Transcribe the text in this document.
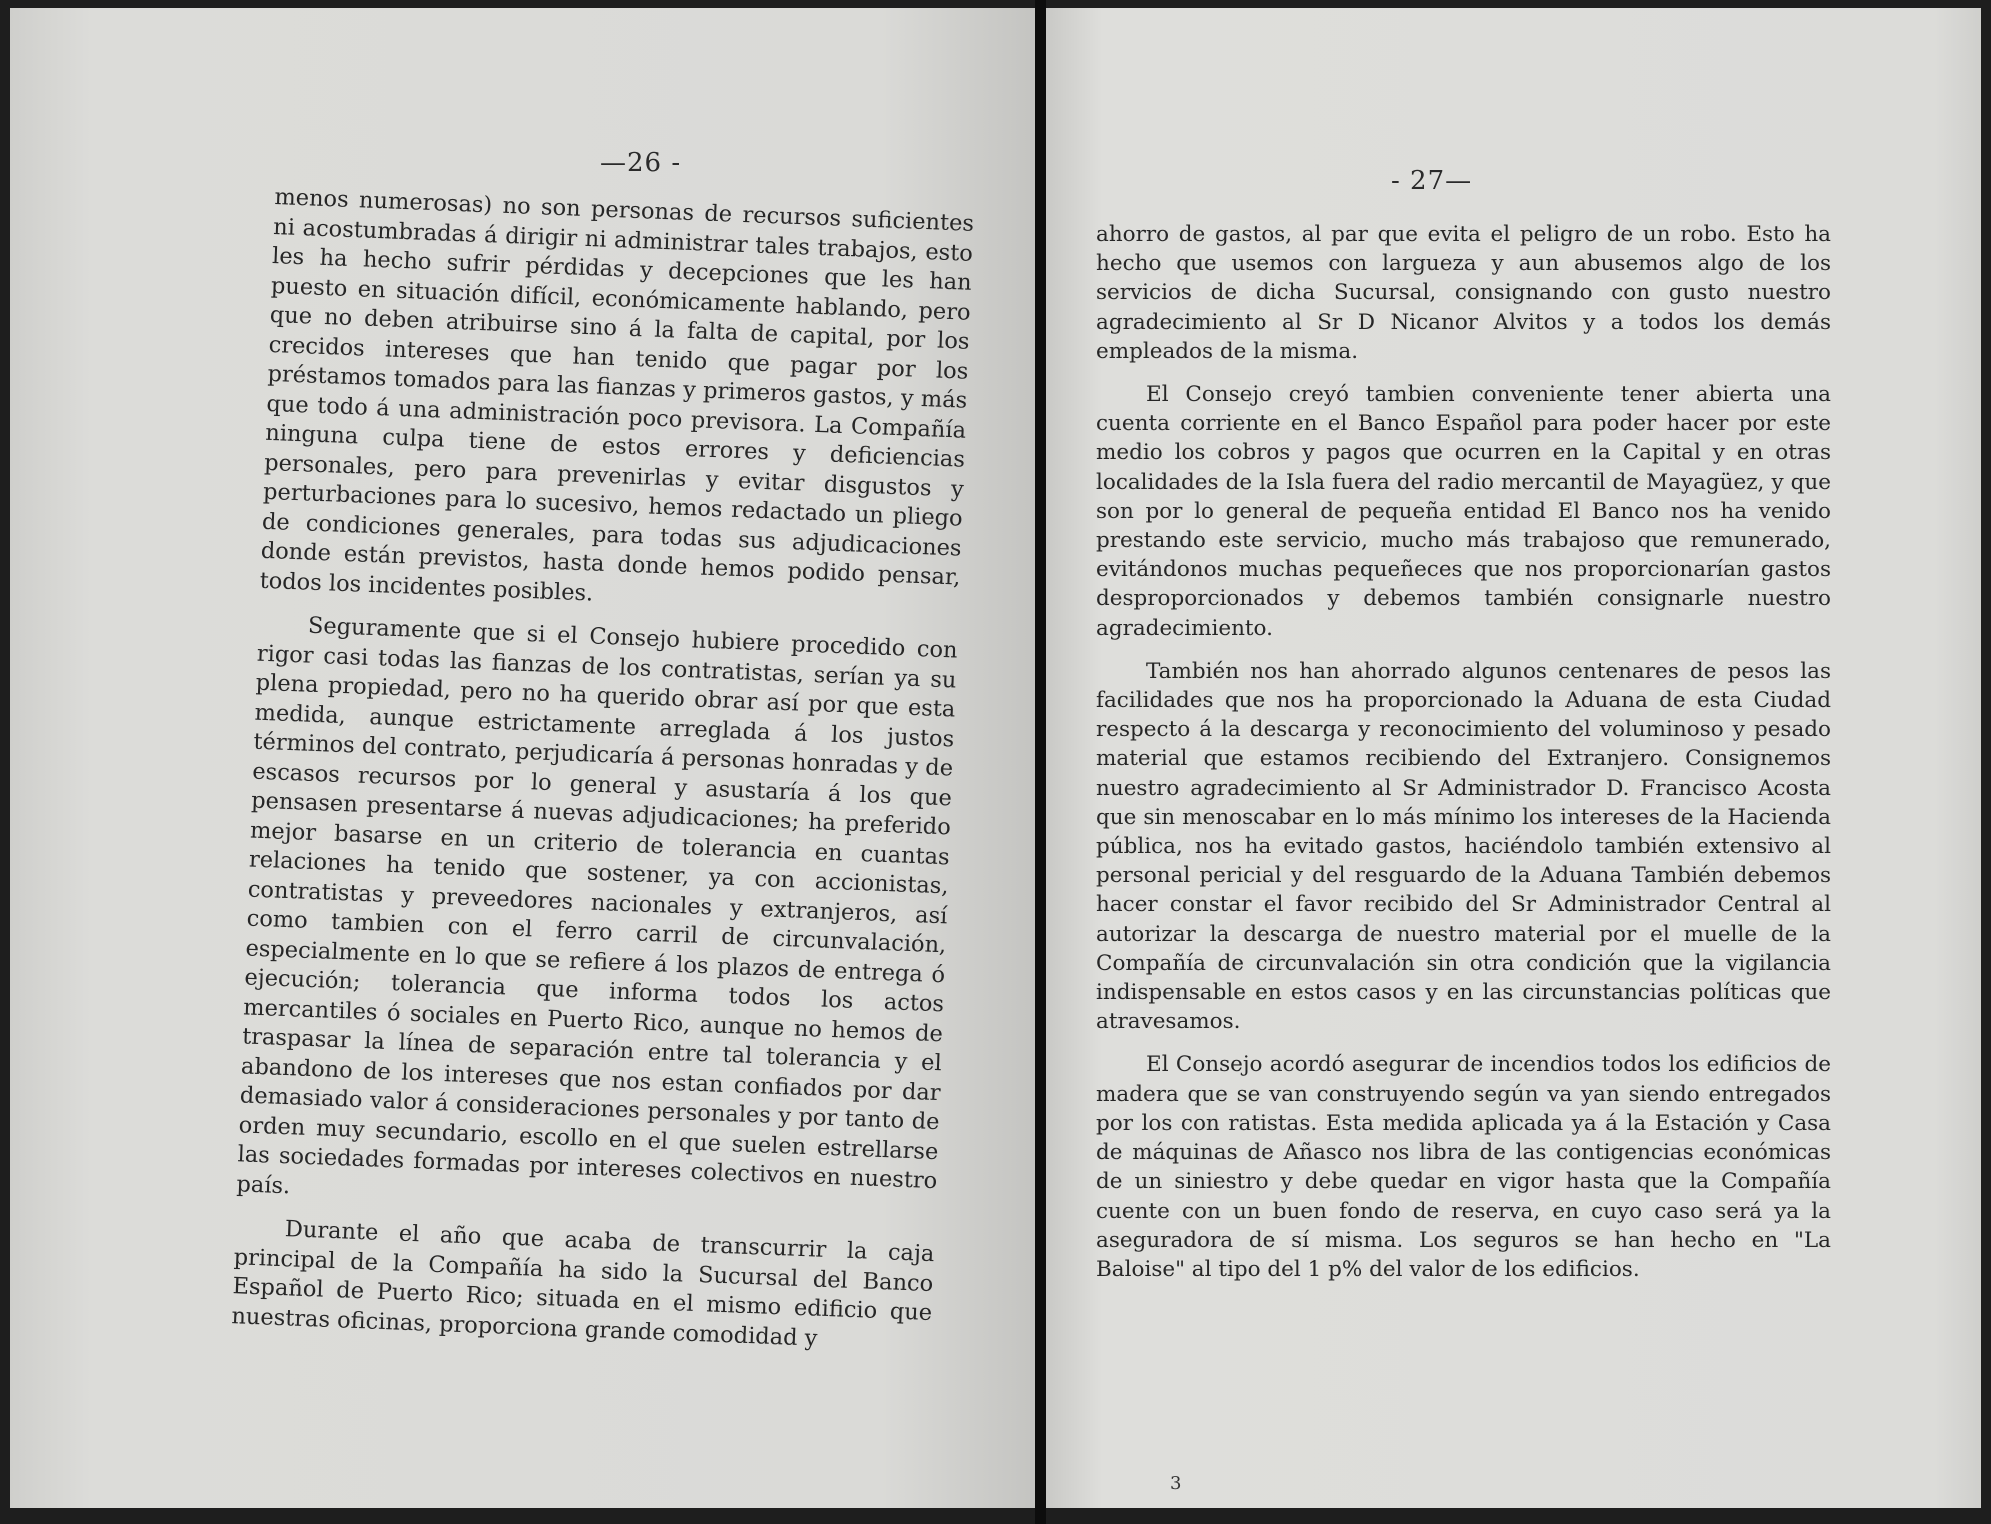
—26 -

menos numerosas) no son personas de recursos suficientes ni acostumbradas á dirigir ni administrar tales trabajos, esto les ha hecho sufrir pérdidas y decepciones que les han puesto en situación difícil, económicamente hablando, pero que no deben atribuirse sino á la falta de capital, por los crecidos intereses que han tenido que pagar por los préstamos tomados para las fianzas y primeros gastos, y más que todo á una administración poco previsora. La Compañía ninguna culpa tiene de estos errores y deficiencias personales, pero para prevenirlas y evitar disgustos y perturbaciones para lo sucesivo, hemos redactado un pliego de condiciones generales, para todas sus adjudicaciones donde están previstos, hasta donde hemos podido pensar, todos los incidentes posibles.

Seguramente que si el Consejo hubiere procedido con rigor casi todas las fianzas de los contratistas, serían ya su plena propiedad, pero no ha querido obrar así por que esta medida, aunque estrictamente arreglada á los justos términos del contrato, perjudicaría á personas honradas y de escasos recursos por lo general y asustaría á los que pensasen presentarse á nuevas adjudicaciones; ha preferido mejor basarse en un criterio de tolerancia en cuantas relaciones ha tenido que sostener, ya con accionistas, contratistas y preveedores nacionales y extranjeros, así como tambien con el ferro carril de circunvalación, especialmente en lo que se refiere á los plazos de entrega ó ejecución; tolerancia que informa todos los actos mercantiles ó sociales en Puerto Rico, aunque no hemos de traspasar la línea de separación entre tal tolerancia y el abandono de los intereses que nos estan confiados por dar demasiado valor á consideraciones personales y por tanto de orden muy secundario, escollo en el que suelen estrellarse las sociedades formadas por intereses colectivos en nuestro país.

Durante el año que acaba de transcurrir la caja principal de la Compañía ha sido la Sucursal del Banco Español de Puerto Rico; situada en el mismo edificio que nuestras oficinas, proporciona grande comodidad y

- 27—

ahorro de gastos, al par que evita el peligro de un robo. Esto ha hecho que usemos con largueza y aun abusemos algo de los servicios de dicha Sucursal, consignando con gusto nuestro agradecimiento al Sr D Nicanor Alvitos y a todos los demás empleados de la misma.

El Consejo creyó tambien conveniente tener abierta una cuenta corriente en el Banco Español para poder hacer por este medio los cobros y pagos que ocurren en la Capital y en otras localidades de la Isla fuera del radio mercantil de Mayagüez, y que son por lo general de pequeña entidad El Banco nos ha venido prestando este servicio, mucho más trabajoso que remunerado, evitándonos muchas pequeñeces que nos proporcionarían gastos desproporcionados y debemos también consignarle nuestro agradecimiento.

También nos han ahorrado algunos centenares de pesos las facilidades que nos ha proporcionado la Aduana de esta Ciudad respecto á la descarga y reconocimiento del voluminoso y pesado material que estamos recibiendo del Extranjero. Consignemos nuestro agradecimiento al Sr Administrador D. Francisco Acosta que sin menoscabar en lo más mínimo los intereses de la Hacienda pública, nos ha evitado gastos, haciéndolo también extensivo al personal pericial y del resguardo de la Aduana También debemos hacer constar el favor recibido del Sr Administrador Central al autorizar la descarga de nuestro material por el muelle de la Compañía de circunvalación sin otra condición que la vigilancia indispensable en estos casos y en las circunstancias políticas que atravesamos.

El Consejo acordó asegurar de incendios todos los edificios de madera que se van construyendo según va yan siendo entregados por los con ratistas. Esta medida aplicada ya á la Estación y Casa de máquinas de Añasco nos libra de las contigencias económicas de un siniestro y debe quedar en vigor hasta que la Compañía cuente con un buen fondo de reserva, en cuyo caso será ya la aseguradora de sí misma. Los seguros se han hecho en "La Baloise" al tipo del 1 p% del valor de los edificios.

3
